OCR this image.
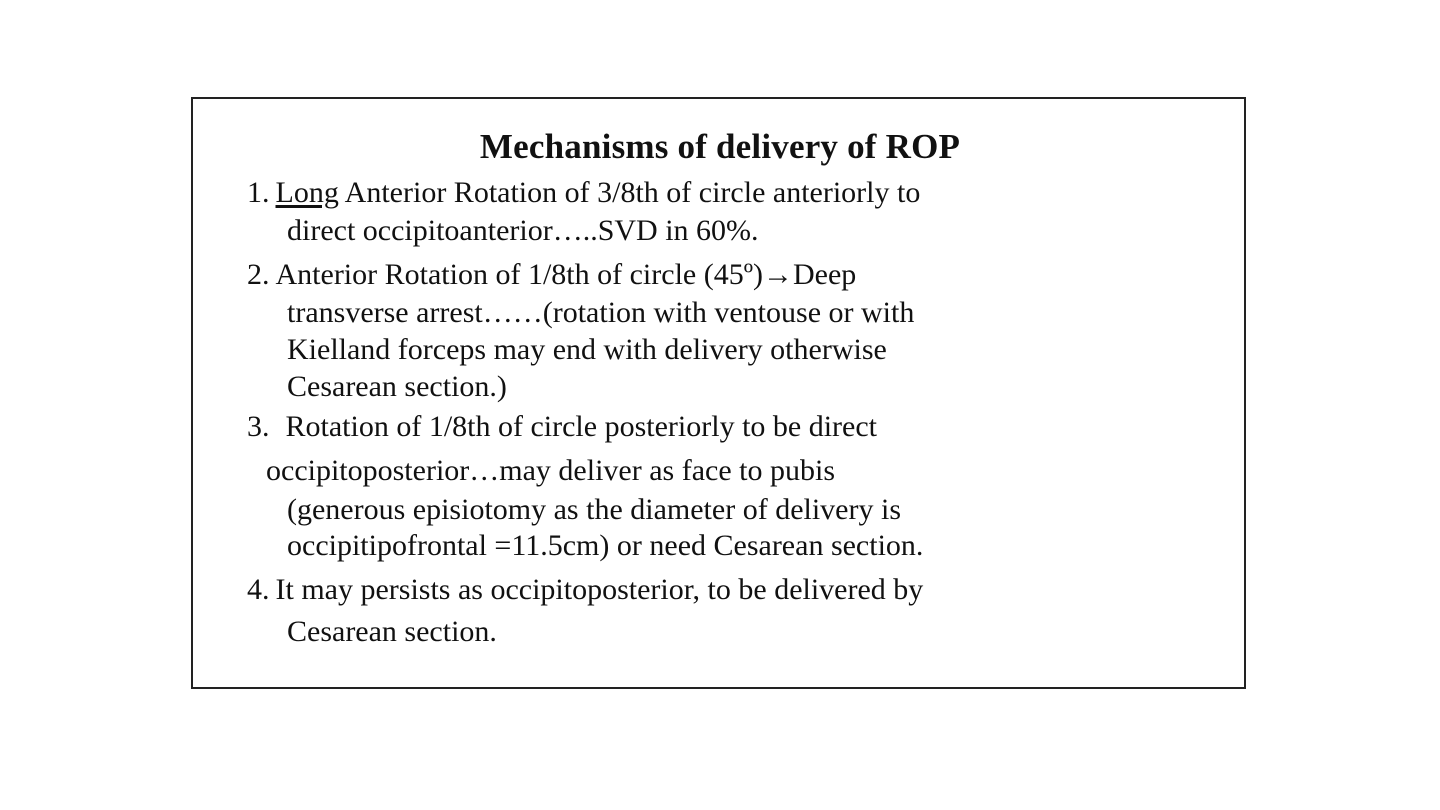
Mechanisms of delivery of ROP
1. Long Anterior Rotation of 3/8th of circle anteriorly to
direct occipitoanterior…..SVD in 60%.
2. Anterior Rotation of 1/8th of circle (45º)→Deep
transverse arrest……(rotation with ventouse or with
Kielland forceps may end with delivery otherwise
Cesarean section.)
3. Rotation of 1/8th of circle posteriorly to be direct
occipitoposterior…may deliver as face to pubis
(generous episiotomy as the diameter of delivery is
occipitipofrontal =11.5cm) or need Cesarean section.
4. It may persists as occipitoposterior, to be delivered by
Cesarean section.
